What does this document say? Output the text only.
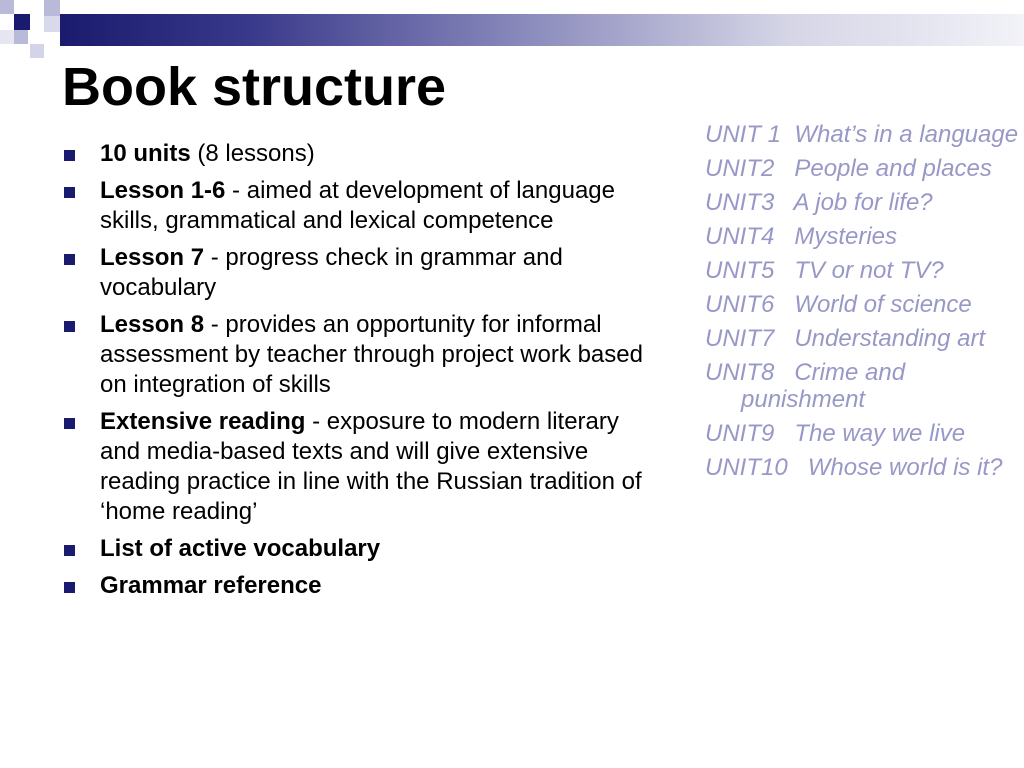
Book structure
10 units (8 lessons)
Lesson 1-6 - aimed at development of language skills, grammatical and lexical competence
Lesson 7 - progress check in grammar and vocabulary
Lesson 8 - provides an opportunity for informal assessment by teacher through project work based on integration of skills
Extensive reading - exposure to modern literary and media-based texts and will give extensive reading practice in line with the Russian tradition of ‘home reading’
List of active vocabulary
Grammar reference
UNIT 1  What’s in a language
UNIT2   People and places
UNIT3   A job for life?
UNIT4   Mysteries
UNIT5   TV or not TV?
UNIT6   World of science
UNIT7   Understanding art
UNIT8   Crime and punishment
UNIT9   The way we live
UNIT10   Whose world is it?
